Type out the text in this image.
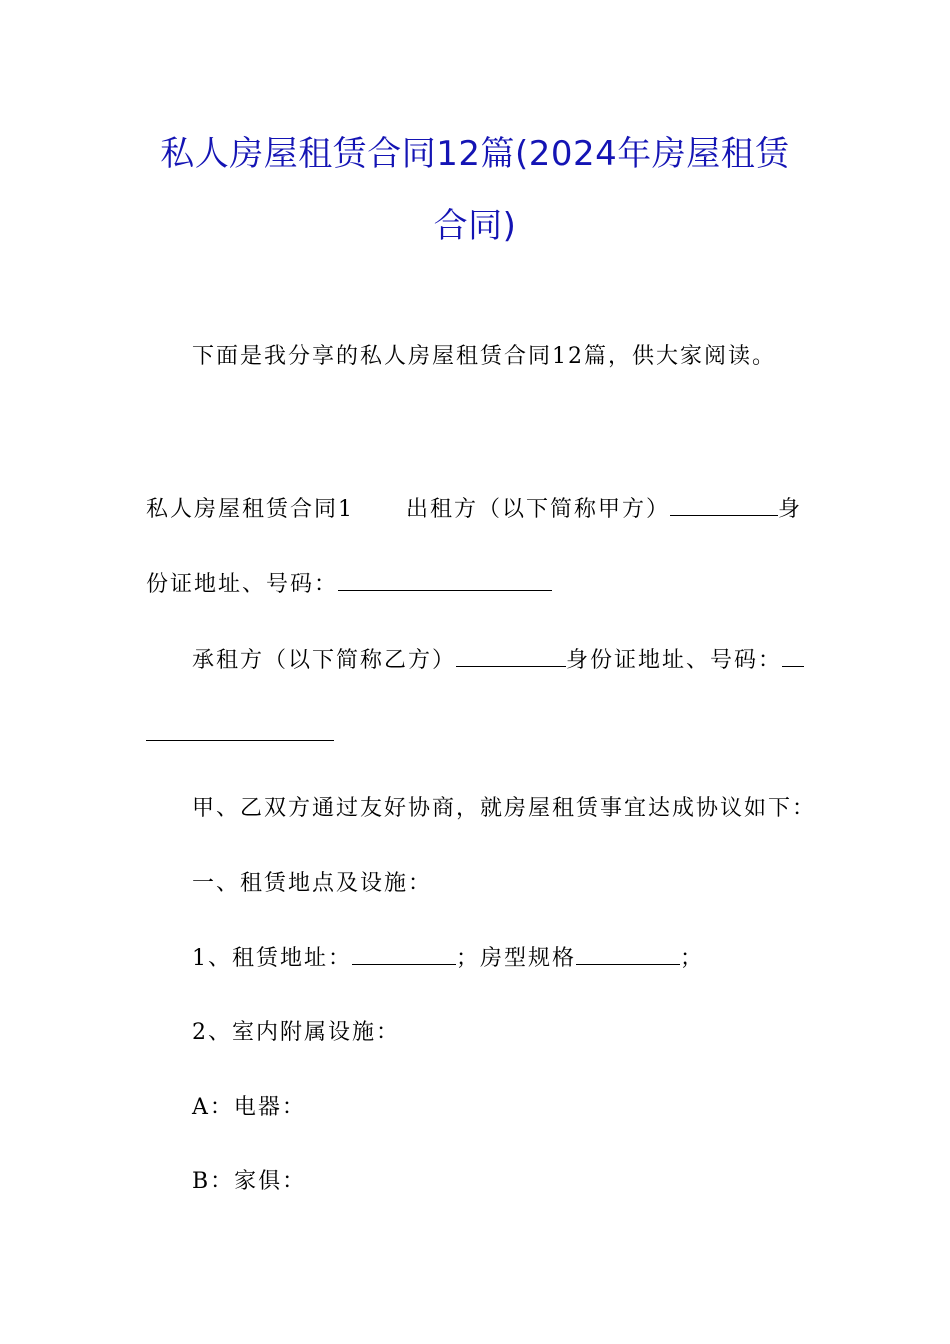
私人房屋租赁合同12篇(2024年房屋租赁
合同)
下面是我分享的私人房屋租赁合同12篇，供大家阅读。
私人房屋租赁合同1 出租方（以下简称甲方）	身
份证地址、号码：
承租方（以下简称乙方）	身份证地址、号码：
甲、乙双方通过友好协商，就房屋租赁事宜达成协议如下：
一、租赁地点及设施：
1、租赁地址：	；房型规格	；
2、室内附属设施：
A：电器：
B：家俱：
